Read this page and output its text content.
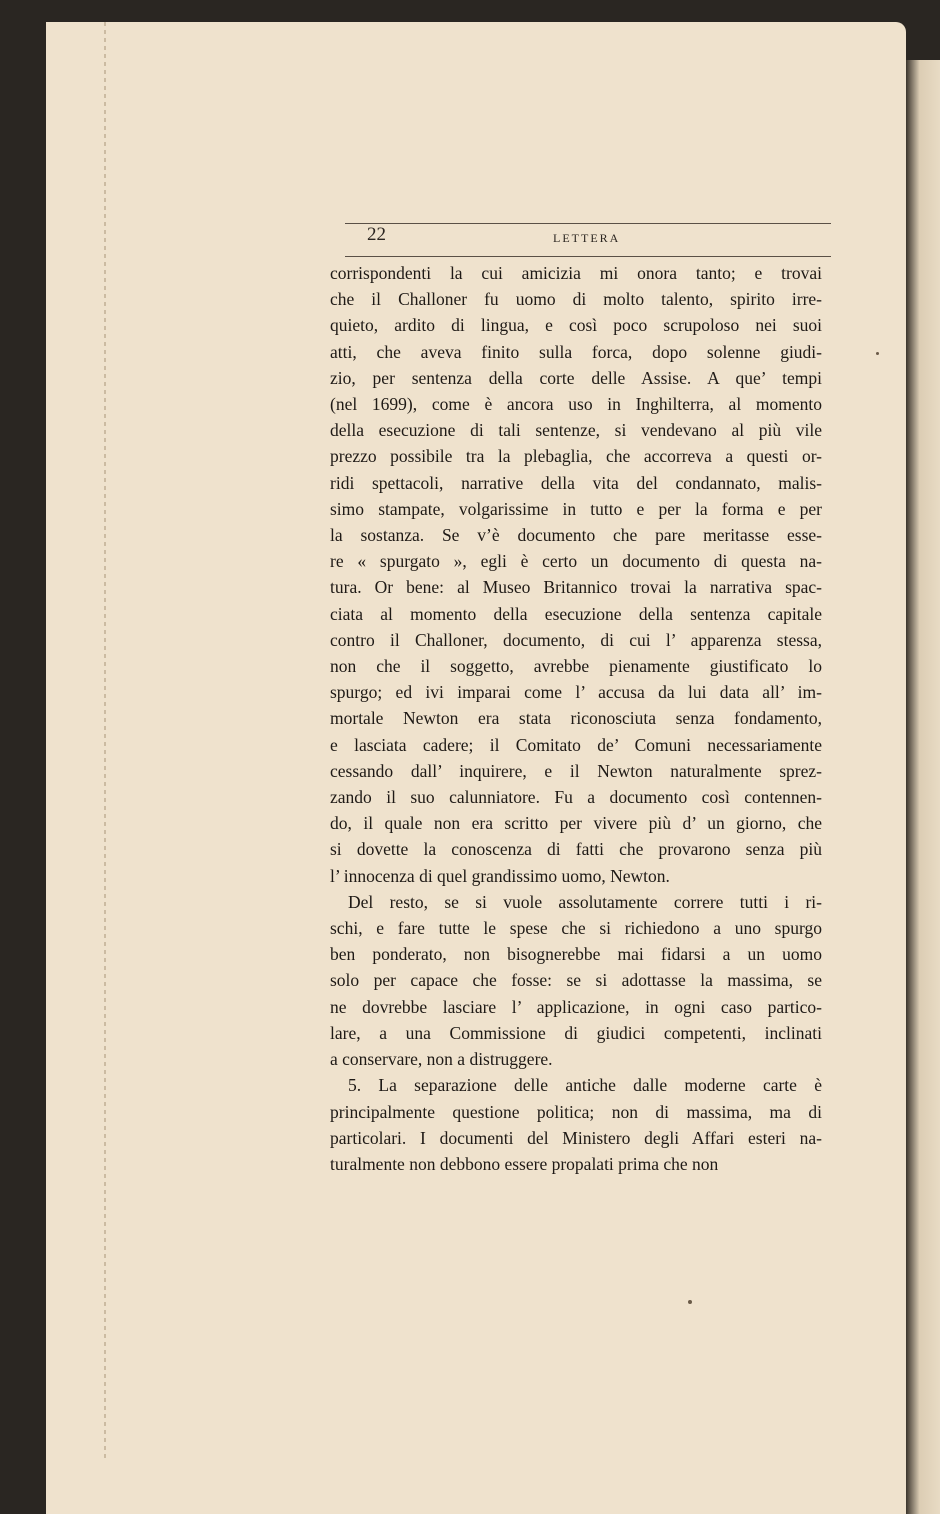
22	LETTERA
corrispondenti la cui amicizia mi onora tanto; e trovai
che il Challoner fu uomo di molto talento, spirito irre-
quieto, ardito di lingua, e così poco scrupoloso nei suoi
atti, che aveva finito sulla forca, dopo solenne giudi-
zio, per sentenza della corte delle Assise. A que’ tempi
(nel 1699), come è ancora uso in Inghilterra, al momento
della esecuzione di tali sentenze, si vendevano al più vile
prezzo possibile tra la plebaglia, che accorreva a questi or-
ridi spettacoli, narrative della vita del condannato, malis-
simo stampate, volgarissime in tutto e per la forma e per
la sostanza. Se v’è documento che pare meritasse esse-
re « spurgato », egli è certo un documento di questa na-
tura. Or bene: al Museo Britannico trovai la narrativa spac-
ciata al momento della esecuzione della sentenza capitale
contro il Challoner, documento, di cui l’ apparenza stessa,
non che il soggetto, avrebbe pienamente giustificato lo
spurgo; ed ivi imparai come l’ accusa da lui data all’ im-
mortale Newton era stata riconosciuta senza fondamento,
e lasciata cadere; il Comitato de’ Comuni necessariamente
cessando dall’ inquirere, e il Newton naturalmente sprez-
zando il suo calunniatore. Fu a documento così contennen-
do, il quale non era scritto per vivere più d’ un giorno, che
si dovette la conoscenza di fatti che provarono senza più
l’ innocenza di quel grandissimo uomo, Newton.
Del resto, se si vuole assolutamente correre tutti i ri-
schi, e fare tutte le spese che si richiedono a uno spurgo
ben ponderato, non bisognerebbe mai fidarsi a un uomo
solo per capace che fosse: se si adottasse la massima, se
ne dovrebbe lasciare l’ applicazione, in ogni caso partico-
lare, a una Commissione di giudici competenti, inclinati
a conservare, non a distruggere.
5. La separazione delle antiche dalle moderne carte è
principalmente questione politica; non di massima, ma di
particolari. I documenti del Ministero degli Affari esteri na-
turalmente non debbono essere propalati prima che non
